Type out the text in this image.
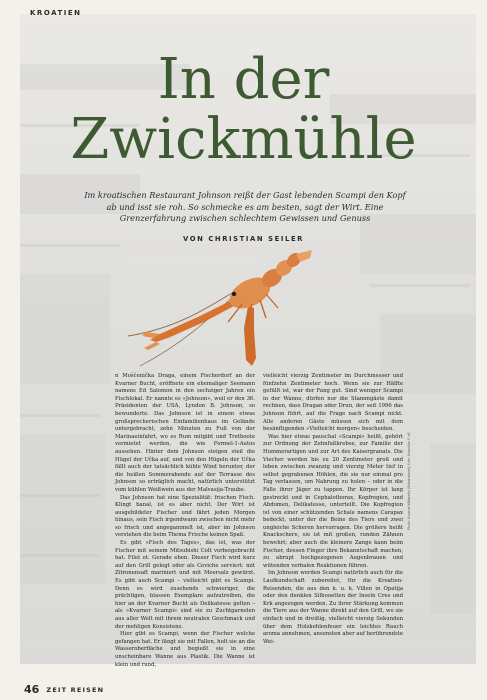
KROATIEN
In der
Zwickmühle

Im kroatischen Restaurant Johnson reißt der Gast lebenden Scampi den Kopf ab und isst sie roh. So schmecke es am besten, sagt der Wirt. Eine Grenzerfahrung zwischen schlechtem Gewissen und Genuss

VON CHRISTIAN SEILER

n Moščenička Draga, einem Fischerdorf an der Kvarner Bucht, eröffnete ein ehemaliger Seemann namens Ed Salomon in den sechziger Jahren ein Fischlokal. Er nannte es »Johnson«, weil er den 36. Präsidenten der USA, Lyndon B. Johnson, so bewunderte. Das Johnson ist in einem etwas großsprecherischen Einfamilienhaus im Gelände untergebracht, zehn Minuten zu Fuß von der Marinaeinfahrt, wo es Rum mitgibt und Tretboote vermietet werden, die wie Formel-1-Autos aussehen. Hinter dem Johnson steigen steil die Hügel der Učka auf, und von den Hügeln der Učka fällt auch der tatsächlich kühle Wind herunter, der die heißen Sommerabende auf der Terrasse des Johnson so erträglich macht, natürlich unterstützt vom kühlen Weißwein aus der Malvasija-Traube.

Das Johnson hat eine Spezialität: frischen Fisch. Klingt banal, ist es aber nicht. Der Wirt ist ausgebildeter Fischer und fährt jeden Morgen hinaus, sein Fisch irgendwann zwischen nicht mehr so frisch und angegammelt ist, aber im Johnson verstehen die beim Thema Frische keinen Spaß.

Es gibt »Fisch des Tages«, das ist, was der Fischer mit seinem Mitsubishi Colt vorbeigebracht hat. Filet et. Gerade eben. Dieser Fisch wird kurz auf den Grill gelegt oder als Ceviche serviert: mit Zitronensaft mariniert und mit Meersalz gewürzt. Es gibt auch Scampi – vielleicht gibt es Scampi. Denn es wird zusehends schwieriger, die prächtigen, blassen Exemplare aufzutreiben, die hier an der Kvarner Bucht als Delikatesse gelten – als »Kvarner Scampi« sind sie zu Zuchtgarnelen aus aller Welt mit ihrem neutralen Geschmack und der mehligen Konsistenz.

Hier gibt es Scampi, wenn der Fischer welche gefangen hat. Er fängt sie mit Fallen, holt sie an die Wasseroberfläche und begießt sie in eine unscheinbare Wanne aus Plastik. Die Wanne ist klein und rund,

vielleicht vierzig Zentimeter im Durchmesser und fünfzehn Zentimeter hoch. Wenn sie zur Hälfte gefüllt ist, war der Fang gut. Sind weniger Scampi in der Wanne, dürfen nur die Stammgäste damit rechnen, dass Dragan oder Drun, der seit 1996 das Johnson führt, auf die Frage nach Scampi nickt. Alle anderen Gäste müssen sich mit dem besänftigenden »Vielleicht morgen« bescheiden.

Was hier etwas pauschal »Scampi« heißt, gehört zur Ordnung der Zehnfußkrebse, zur Familie der Hummerartigen und zur Art des Kaisergranats. Die Viecher werden bis zu 20 Zentimeter groß und leben zwischen zwanzig und vierzig Meter tief in selbst gegrabenen Höhlen, die sie nur einmal pro Tag verlassen, um Nahrung zu holen – oder in die Falle ihrer Jäger zu tappen. Ihr Körper ist lang gestreckt und in Cephalothorax, Kopfregion, und Abdomen, Delikatesse, unterteilt. Die Kopfregion ist von einer schützenden Schale namens Carapax bedeckt, unter der die Beine des Tiers und zwei ungleiche Scheren hervorragen. Die größere heißt Knackschere, sie ist mit großen, runden Zähnen bewehrt; aber auch die kleinere Zange kann beim Fischer, dessen Finger ihre Bekanntschaft machen, zu abrupt hochgezogenen Augenbrauen und wütenden verbalen Reaktionen führen.

Im Johnson werden Scampi natürlich auch für die Laufkundschaft zubereitet, für die Kroatien-Reisenden, die aus den k. u. k. Villen in Opatija oder den dunklen Silhouetten der Inseln Cres und Krk angezogen werden. Zu ihrer Stärkung kommen die Tiere aus der Wanne direkt auf den Grill, wo sie einfach und in dreißig, vielleicht vierzig Sekunden über dem Holzkohlenfeuer ein leichtes Rauch aroma annehmen, ansonsten aber auf berührendste Wei-

Photo: Kvarner-Wikipedia (Kriminalamt); Foto: Kropotkin P. sff
46 ZEIT REISEN
